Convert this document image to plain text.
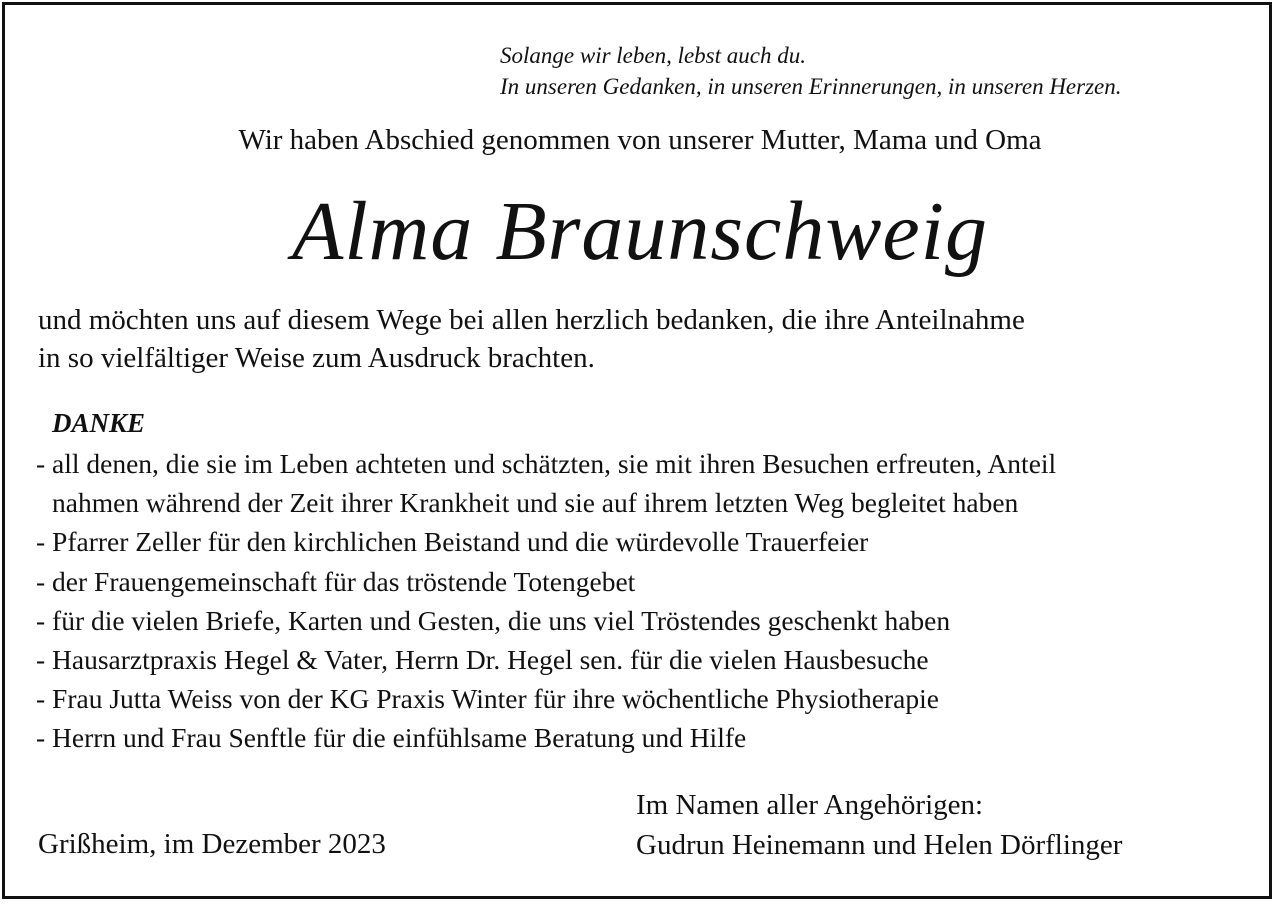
Solange wir leben, lebst auch du.
In unseren Gedanken, in unseren Erinnerungen, in unseren Herzen.
Wir haben Abschied genommen von unserer Mutter, Mama und Oma
Alma Braunschweig
und möchten uns auf diesem Wege bei allen herzlich bedanken, die ihre Anteilnahme
in so vielfältiger Weise zum Ausdruck brachten.
DANKE
- all denen, die sie im Leben achteten und schätzten, sie mit ihren Besuchen erfreuten, Anteil
nahmen während der Zeit ihrer Krankheit und sie auf ihrem letzten Weg begleitet haben
- Pfarrer Zeller für den kirchlichen Beistand und die würdevolle Trauerfeier
- der Frauengemeinschaft für das tröstende Totengebet
- für die vielen Briefe, Karten und Gesten, die uns viel Tröstendes geschenkt haben
- Hausarztpraxis Hegel & Vater, Herrn Dr. Hegel sen. für die vielen Hausbesuche
- Frau Jutta Weiss von der KG Praxis Winter für ihre wöchentliche Physiotherapie
- Herrn und Frau Senftle für die einfühlsame Beratung und Hilfe
Grißheim, im Dezember 2023
Im Namen aller Angehörigen:
Gudrun Heinemann und Helen Dörflinger
